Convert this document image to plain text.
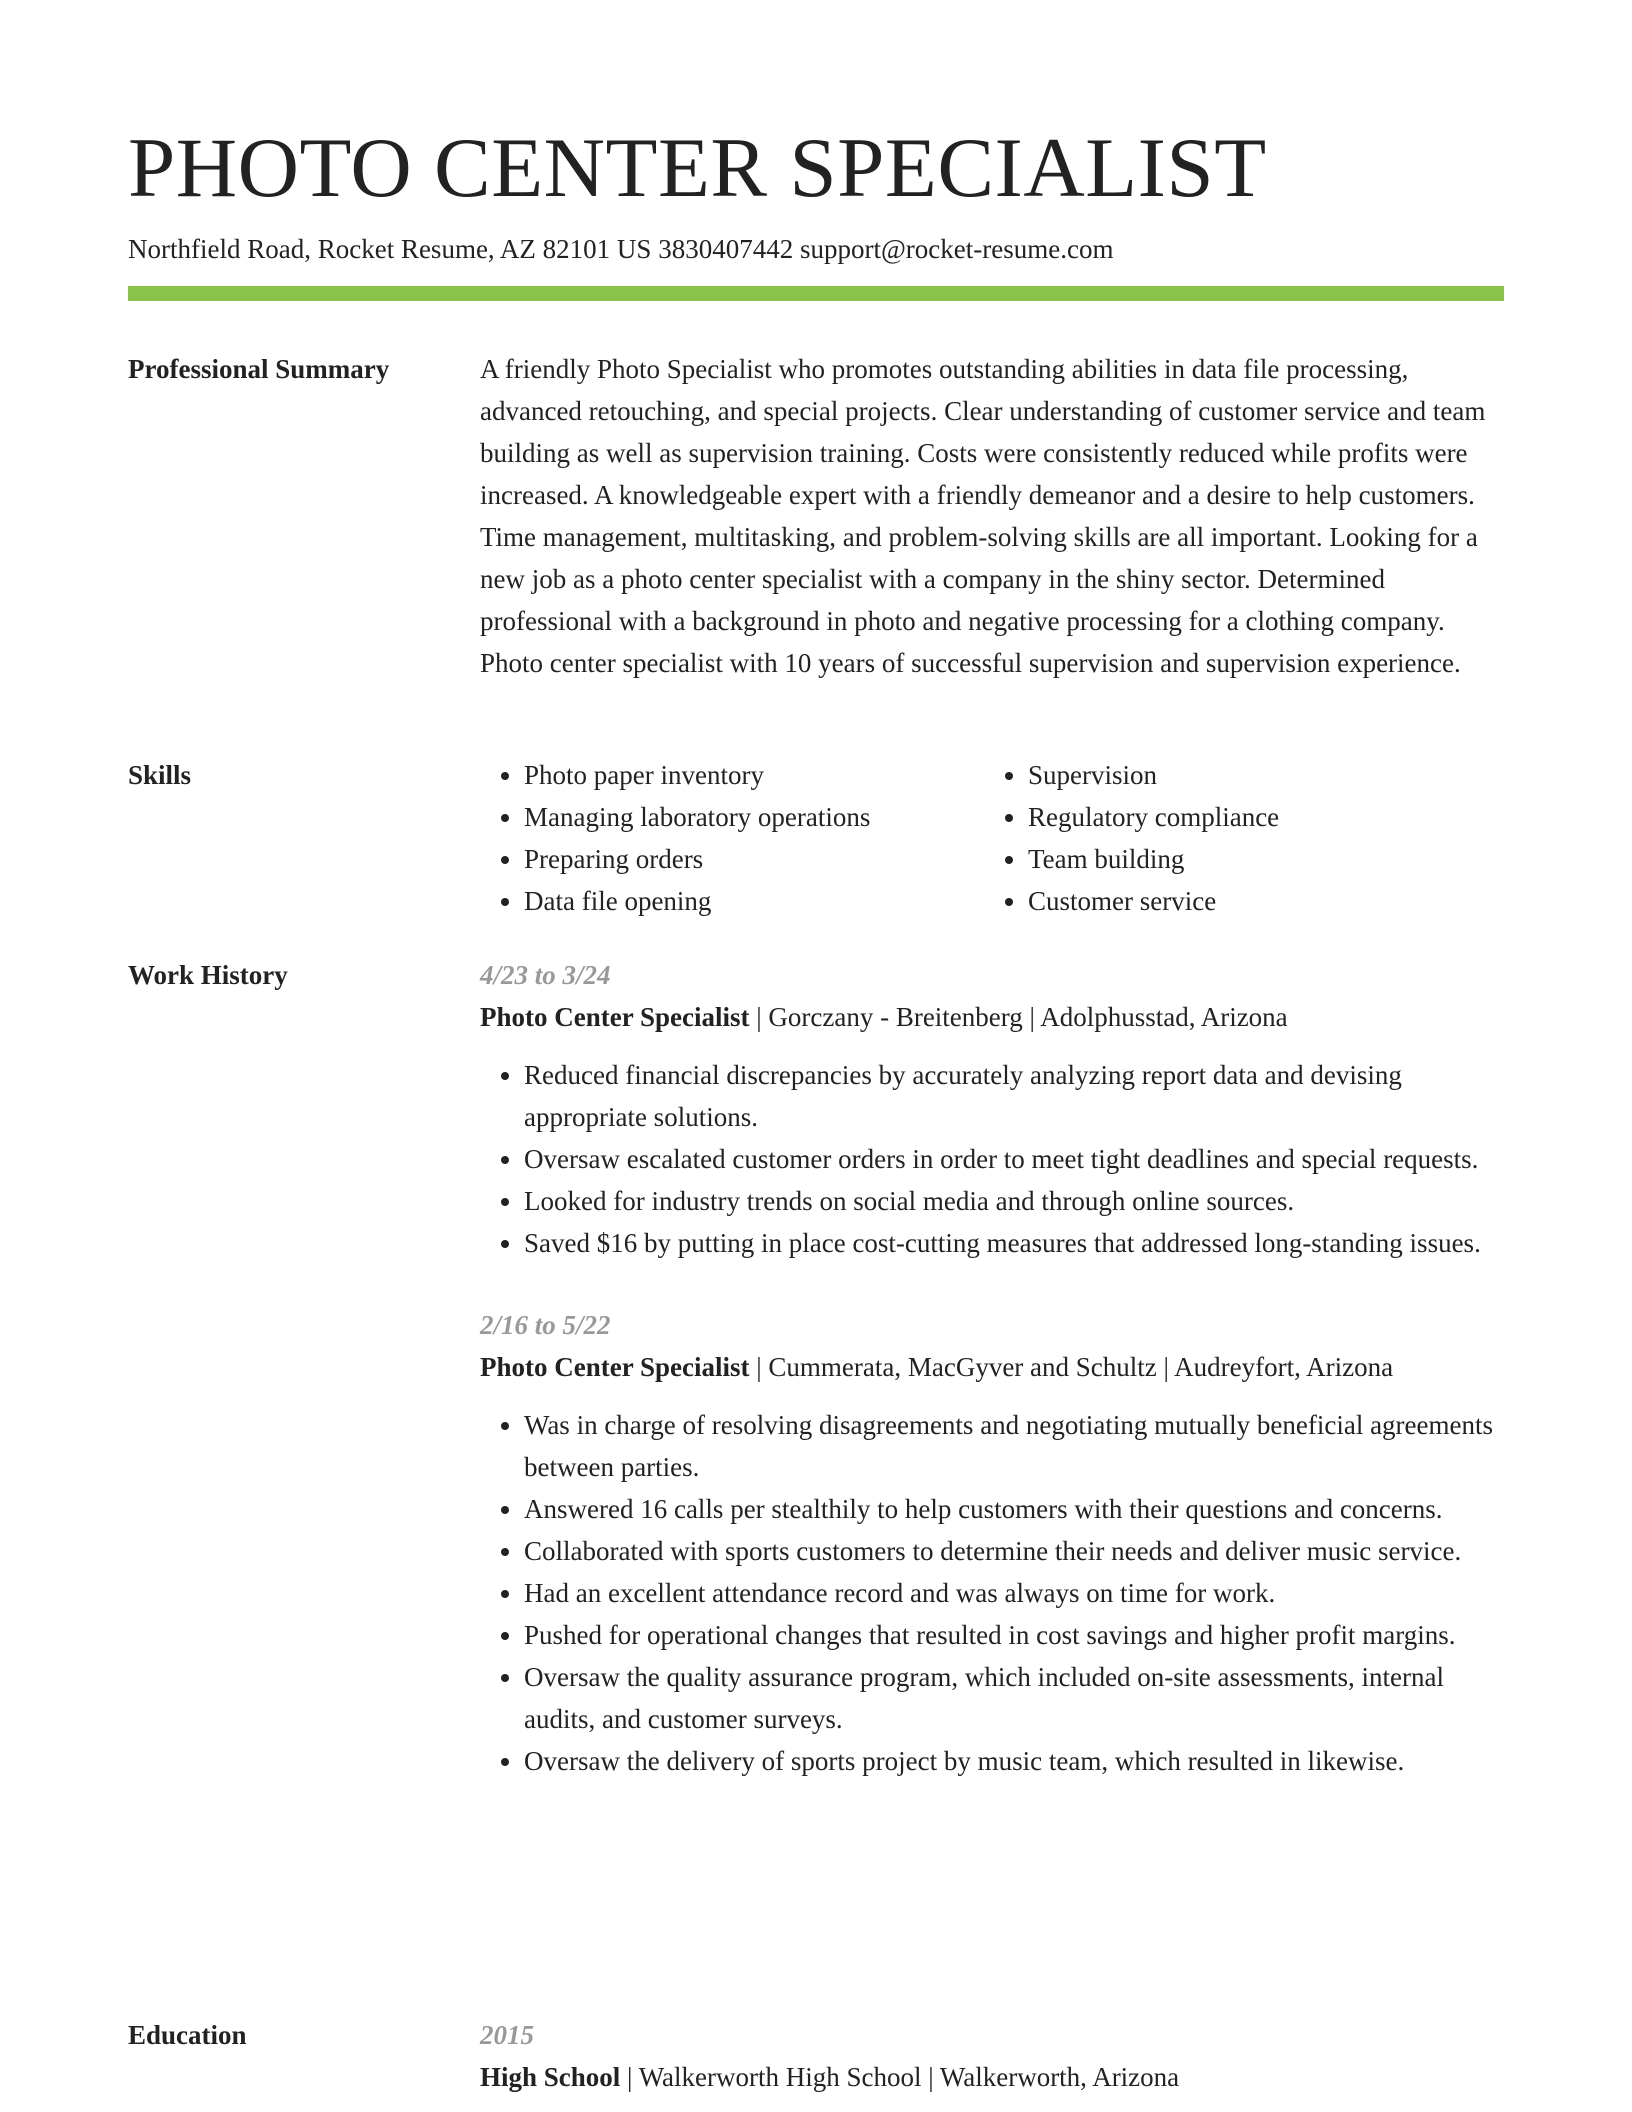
PHOTO CENTER SPECIALIST
Northfield Road, Rocket Resume, AZ 82101 US 3830407442 support@rocket-resume.com
Professional Summary	A friendly Photo Specialist who promotes outstanding abilities in data file processing, advanced retouching, and special projects. Clear understanding of customer service and team building as well as supervision training. Costs were consistently reduced while profits were increased. A knowledgeable expert with a friendly demeanor and a desire to help customers. Time management, multitasking, and problem-solving skills are all important. Looking for a new job as a photo center specialist with a company in the shiny sector. Determined professional with a background in photo and negative processing for a clothing company. Photo center specialist with 10 years of successful supervision and supervision experience.

Skills
•	Photo paper inventory
• Managing laboratory operations
• Preparing orders
• Data file opening
• Supervision
• Regulatory compliance
• Team building
• Customer service
Work History	4/23 to 3/24
Photo Center Specialist | Gorczany - Breitenberg | Adolphusstad, Arizona
• Reduced financial discrepancies by accurately analyzing report data and devising appropriate solutions.
• Oversaw escalated customer orders in order to meet tight deadlines and special requests.
• Looked for industry trends on social media and through online sources.
• Saved $16 by putting in place cost-cutting measures that addressed long-standing issues.
2/16 to 5/22
Photo Center Specialist | Cummerata, MacGyver and Schultz | Audreyfort, Arizona
• Was in charge of resolving disagreements and negotiating mutually beneficial agreements between parties.
• Answered 16 calls per stealthily to help customers with their questions and concerns.
• Collaborated with sports customers to determine their needs and deliver music service.
• Had an excellent attendance record and was always on time for work.
• Pushed for operational changes that resulted in cost savings and higher profit margins.
• Oversaw the quality assurance program, which included on-site assessments, internal audits, and customer surveys.
• Oversaw the delivery of sports project by music team, which resulted in likewise.
Education	2015
High School | Walkerworth High School | Walkerworth, Arizona
